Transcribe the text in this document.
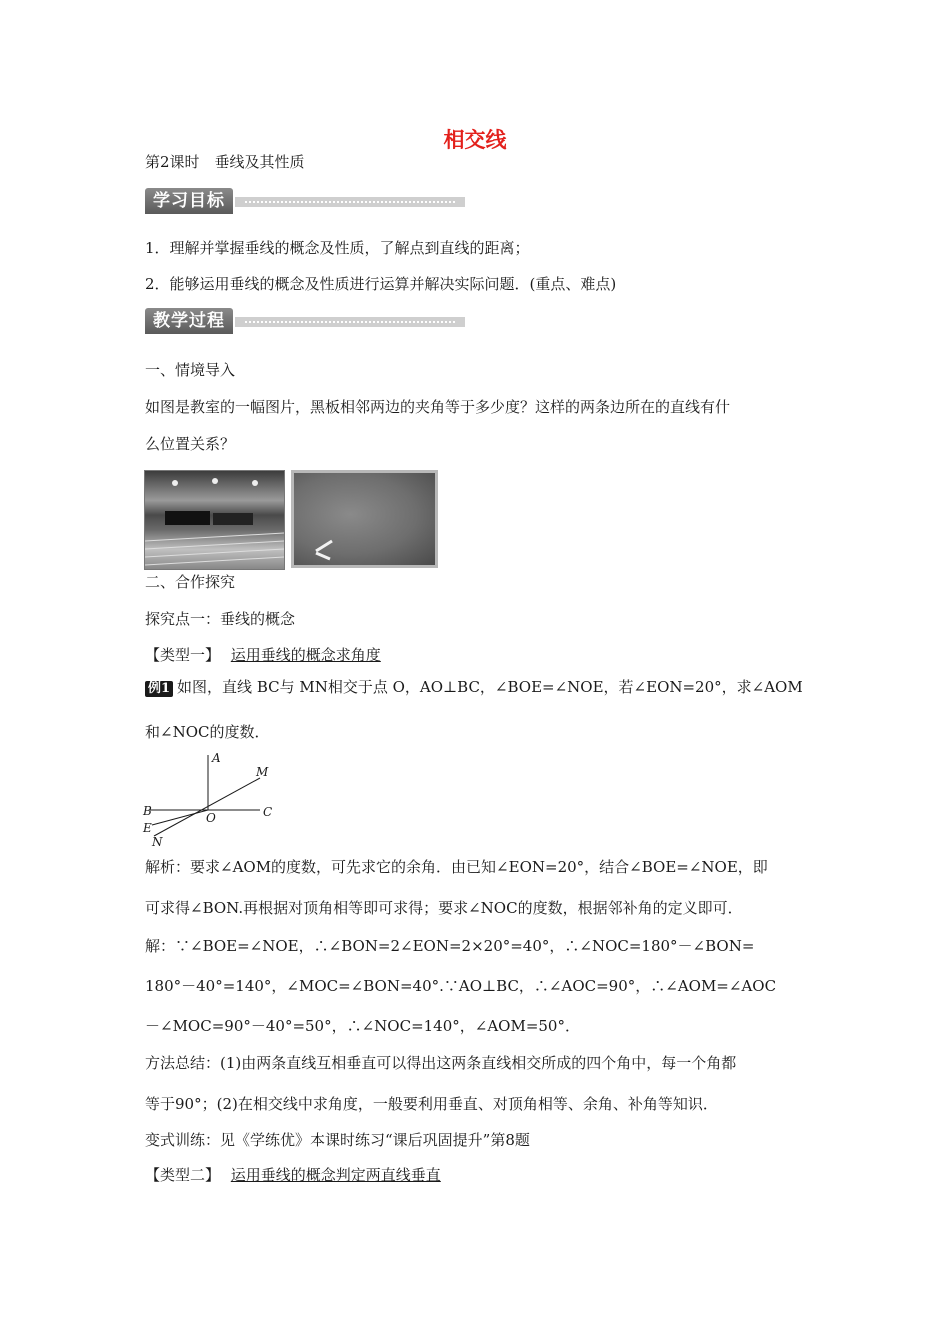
相交线
第2课时　垂线及其性质
学习目标
1．理解并掌握垂线的概念及性质，了解点到直线的距离；
2．能够运用垂线的概念及性质进行运算并解决实际问题．(重点、难点)
教学过程
一、情境导入
如图是教室的一幅图片，黑板相邻两边的夹角等于多少度？这样的两条边所在的直线有什
么位置关系？
二、合作探究
探究点一：垂线的概念
【类型一】 运用垂线的概念求角度
例1 如图，直线 BC与 MN相交于点 O，AO⊥BC，∠BOE=∠NOE，若∠EON=20°，求∠AOM
和∠NOC的度数．
A
M
B	C
O
E
N
解析：要求∠AOM的度数，可先求它的余角．由已知∠EON=20°，结合∠BOE=∠NOE，即
可求得∠BON.再根据对顶角相等即可求得；要求∠NOC的度数，根据邻补角的定义即可．
解：∵∠BOE=∠NOE，∴∠BON=2∠EON=2×20°=40°，∴∠NOC=180°－∠BON=
180°－40°=140°，∠MOC=∠BON=40°.∵AO⊥BC，∴∠AOC=90°，∴∠AOM=∠AOC
－∠MOC=90°－40°=50°，∴∠NOC=140°，∠AOM=50°．
方法总结：(1)由两条直线互相垂直可以得出这两条直线相交所成的四个角中，每一个角都
等于90°；(2)在相交线中求角度，一般要利用垂直、对顶角相等、余角、补角等知识．
变式训练：见《学练优》本课时练习“课后巩固提升”第8题
【类型二】 运用垂线的概念判定两直线垂直
